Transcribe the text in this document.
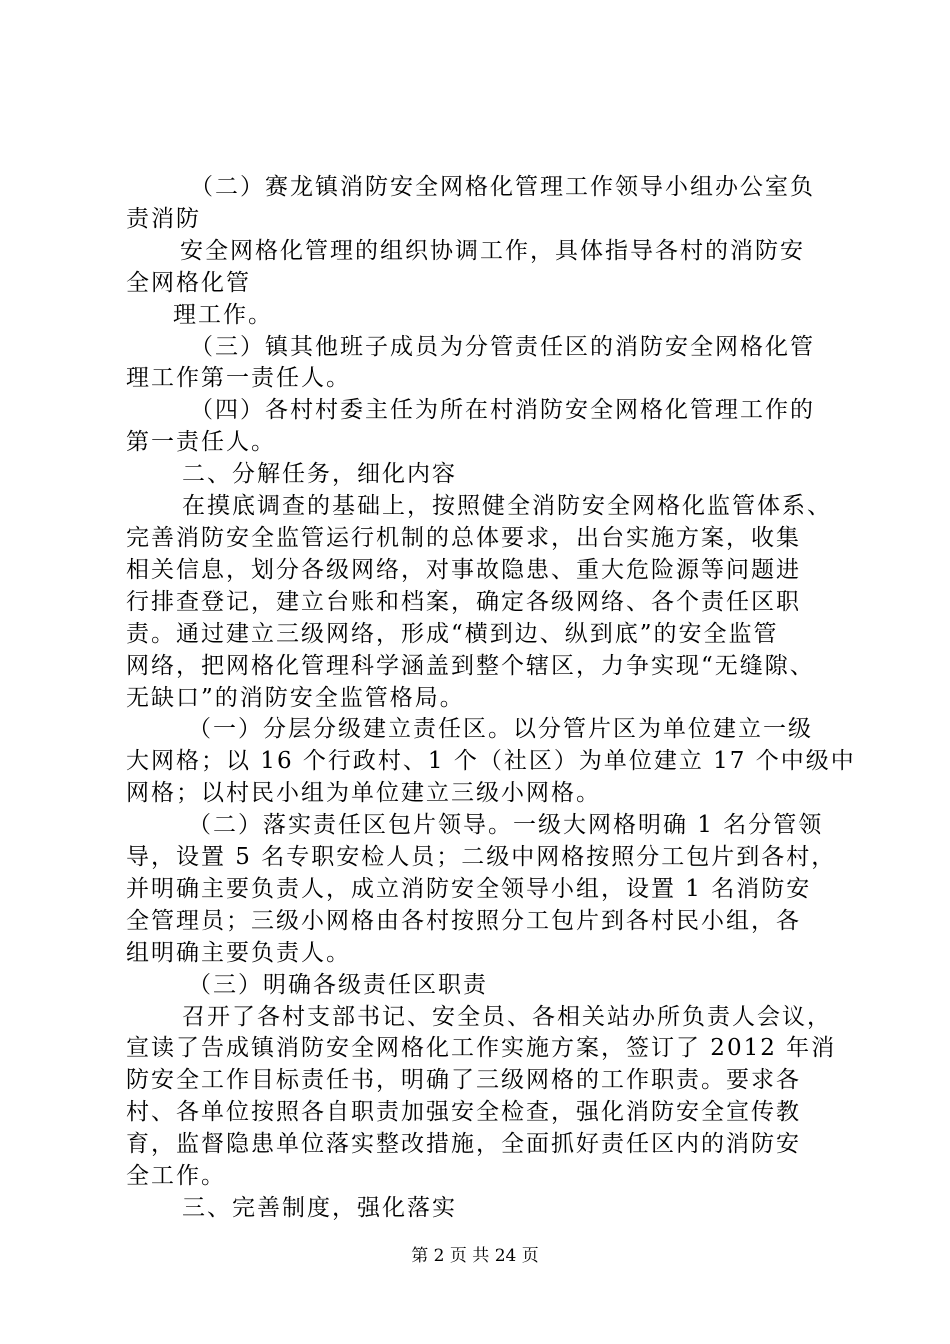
（二）赛龙镇消防安全网格化管理工作领导小组办公室负
责消防
安全网格化管理的组织协调工作，具体指导各村的消防安
全网格化管
理工作。
（三）镇其他班子成员为分管责任区的消防安全网格化管
理工作第一责任人。
（四）各村村委主任为所在村消防安全网格化管理工作的
第一责任人。
二、分解任务，细化内容
在摸底调查的基础上，按照健全消防安全网格化监管体系、
完善消防安全监管运行机制的总体要求，出台实施方案，收集
相关信息，划分各级网络，对事故隐患、重大危险源等问题进
行排查登记，建立台账和档案，确定各级网络、各个责任区职
责。通过建立三级网络，形成“横到边、纵到底”的安全监管
网络，把网格化管理科学涵盖到整个辖区，力争实现“无缝隙、
无缺口”的消防安全监管格局。
（一）分层分级建立责任区。以分管片区为单位建立一级
大网格；以 16 个行政村、1 个（社区）为单位建立 17 个中级中
网格；以村民小组为单位建立三级小网格。
（二）落实责任区包片领导。一级大网格明确 1 名分管领
导，设置 5 名专职安检人员；二级中网格按照分工包片到各村，
并明确主要负责人，成立消防安全领导小组，设置 1 名消防安
全管理员；三级小网格由各村按照分工包片到各村民小组，各
组明确主要负责人。
（三）明确各级责任区职责
召开了各村支部书记、安全员、各相关站办所负责人会议，
宣读了告成镇消防安全网格化工作实施方案，签订了 2012 年消
防安全工作目标责任书，明确了三级网格的工作职责。要求各
村、各单位按照各自职责加强安全检查，强化消防安全宣传教
育，监督隐患单位落实整改措施，全面抓好责任区内的消防安
全工作。
三、完善制度，强化落实
第 2 页 共 24 页
